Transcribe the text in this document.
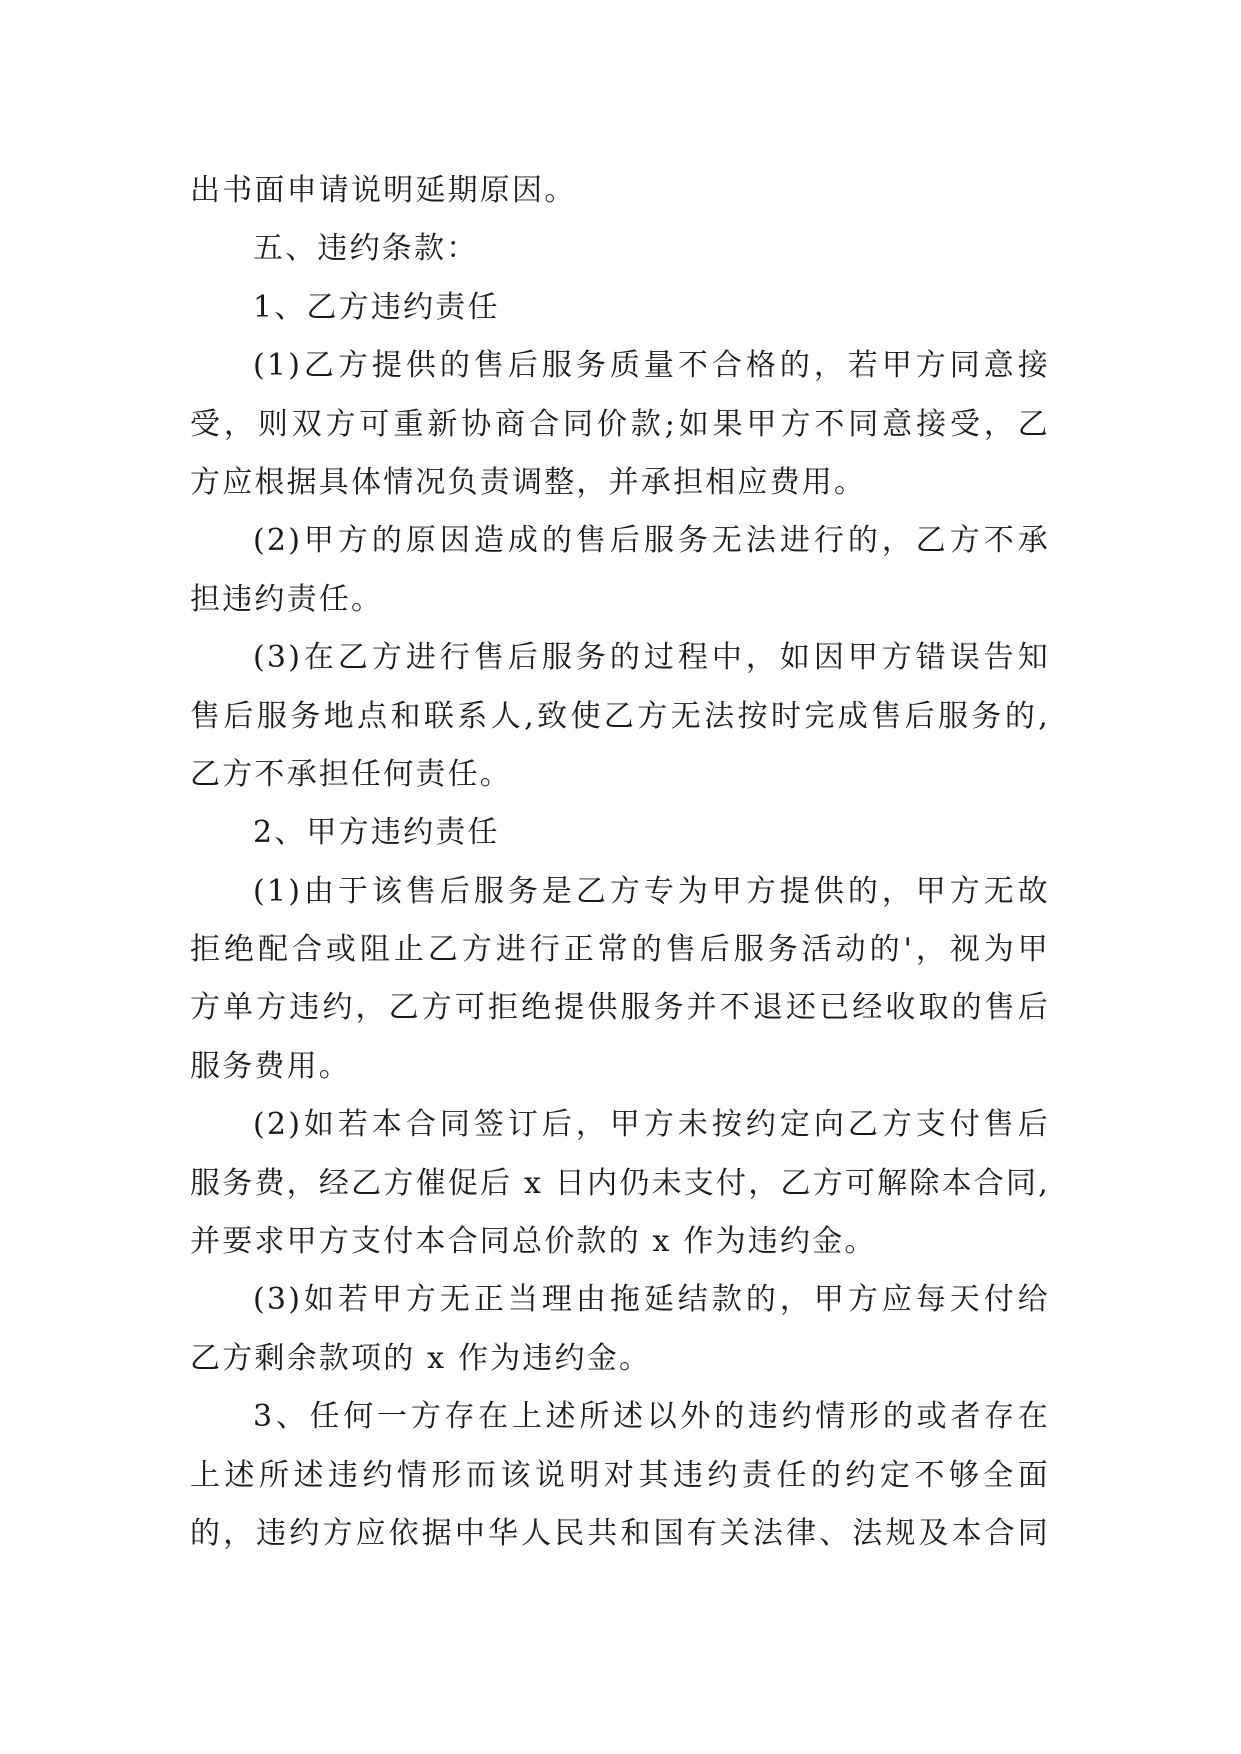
出书面申请说明延期原因。
五、违约条款：
1、乙方违约责任
(1)乙方提供的售后服务质量不合格的，若甲方同意接
受，则双方可重新协商合同价款;如果甲方不同意接受，乙
方应根据具体情况负责调整，并承担相应费用。
(2)甲方的原因造成的售后服务无法进行的，乙方不承
担违约责任。
(3)在乙方进行售后服务的过程中，如因甲方错误告知
售后服务地点和联系人,致使乙方无法按时完成售后服务的,
乙方不承担任何责任。
2、甲方违约责任
(1)由于该售后服务是乙方专为甲方提供的，甲方无故
拒绝配合或阻止乙方进行正常的售后服务活动的'，视为甲
方单方违约，乙方可拒绝提供服务并不退还已经收取的售后
服务费用。
(2)如若本合同签订后，甲方未按约定向乙方支付售后
服务费，经乙方催促后 x 日内仍未支付，乙方可解除本合同,
并要求甲方支付本合同总价款的 x 作为违约金。
(3)如若甲方无正当理由拖延结款的，甲方应每天付给
乙方剩余款项的 x 作为违约金。
3、任何一方存在上述所述以外的违约情形的或者存在
上述所述违约情形而该说明对其违约责任的约定不够全面
的，违约方应依据中华人民共和国有关法律、法规及本合同
